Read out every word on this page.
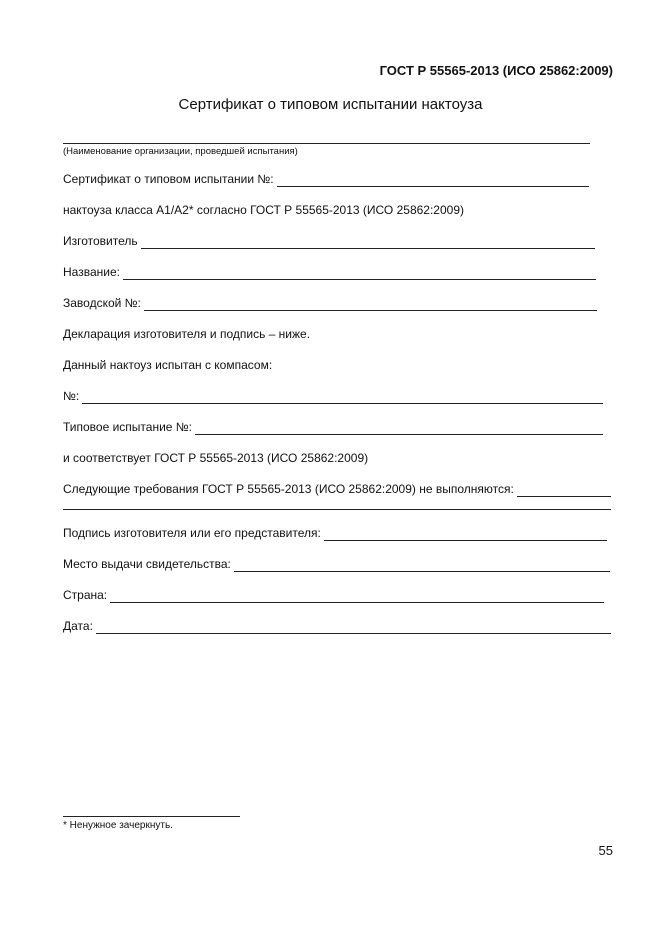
ГОСТ Р 55565-2013 (ИСО 25862:2009)
Сертификат о типовом испытании нактоуза
(Наименование организации, проведшей испытания)
Сертификат о типовом испытании №:
нактоуза класса А1/А2* согласно ГОСТ Р 55565-2013 (ИСО 25862:2009)
Изготовитель
Название:
Заводской №:
Декларация изготовителя и подпись – ниже.
Данный нактоуз испытан с компасом:
№:
Типовое испытание №:
и соответствует ГОСТ Р 55565-2013 (ИСО 25862:2009)
Следующие требования ГОСТ Р 55565-2013 (ИСО 25862:2009) не выполняются:
Подпись изготовителя или его представителя:
Место выдачи свидетельства:
Страна:
Дата:
* Ненужное зачеркнуть.
55
